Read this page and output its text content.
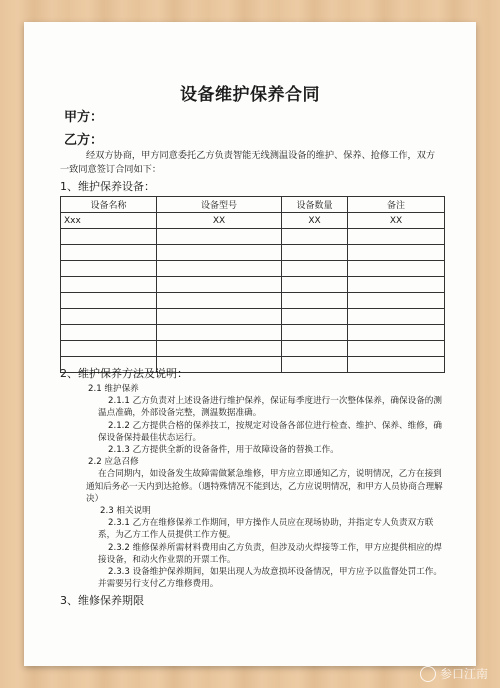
设备维护保养合同
甲方：
乙方：
经双方协商，甲方同意委托乙方负责智能无线测温设备的维护、保养、抢修工作，双方一致同意签订合同如下：
1、维护保养设备：
设备名称	设备型号	设备数量	备注
Xxx	XX	XX	XX

2、维护保养方法及说明：
2.1 维护保养
2.1.1 乙方负责对上述设备进行维护保养，保证每季度进行一次整体保养，确保设备的测温点准确，外部设备完整，测温数据准确。
2.1.2 乙方提供合格的保养技工，按规定对设备各部位进行检查、维护、保养、维修，确保设备保持最佳状态运行。
2.1.3 乙方提供全新的设备备件，用于故障设备的替换工作。
2.2 应急召修
在合同期内，如设备发生故障需做紧急维修，甲方应立即通知乙方，说明情况，乙方在接到通知后务必一天内到达抢修。（遇特殊情况不能到达，乙方应说明情况，和甲方人员协商合理解决）
2.3 相关说明
2.3.1 乙方在维修保养工作期间，甲方操作人员应在现场协助，并指定专人负责双方联系，为乙方工作人员提供工作方便。
2.3.2 维修保养所需材料费用由乙方负责，但涉及动火焊接等工作，甲方应提供相应的焊接设备，和动火作业票的开票工作。
2.3.3 设备维护保养期间，如果出现人为故意损坏设备情况，甲方应予以监督处罚工作。并需要另行支付乙方维修费用。
3、维修保养期限
参口江南
